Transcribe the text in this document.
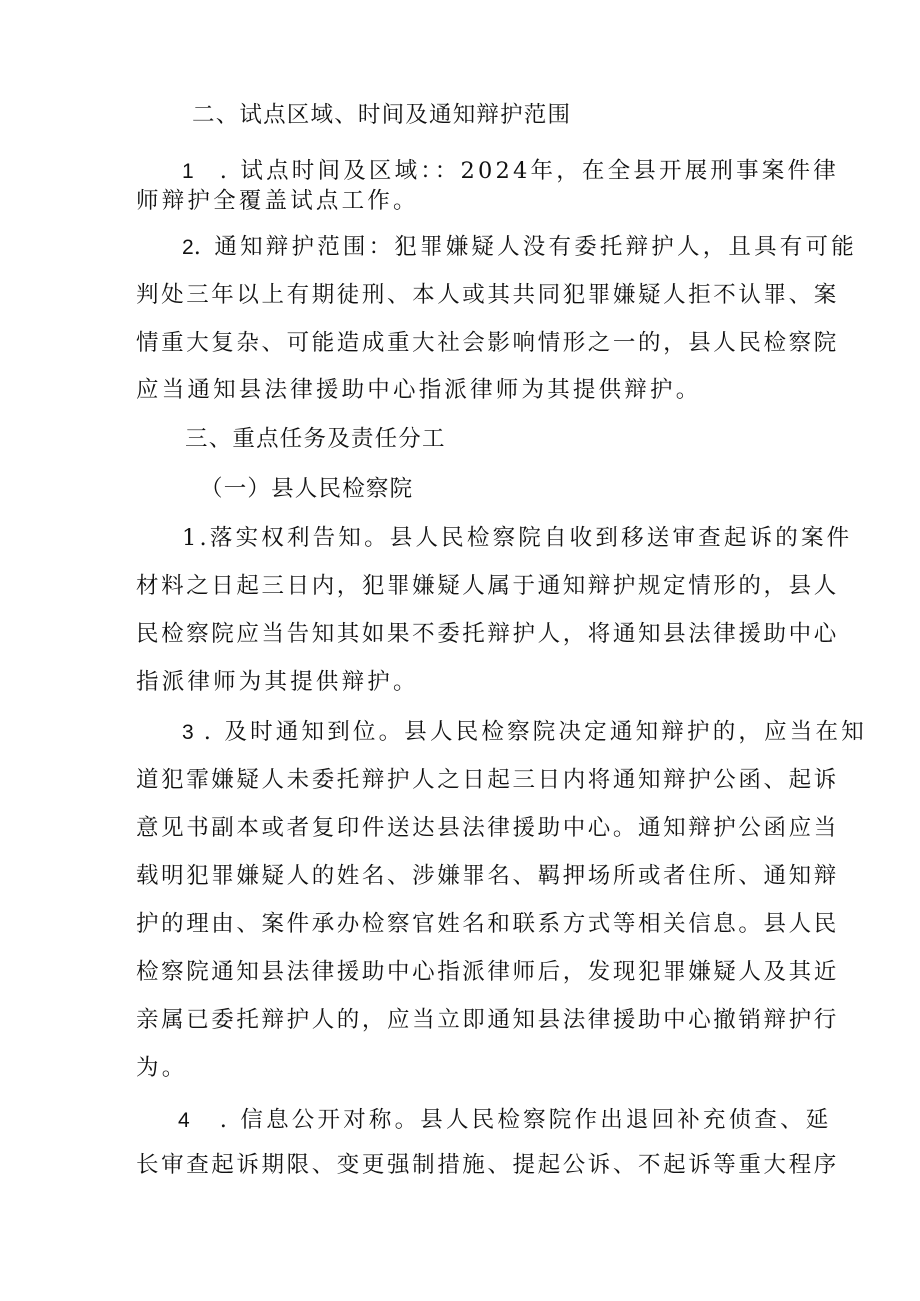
二、试点区域、时间及通知辩护范围
1 . 试点时间及区域：：2024年，在全县开展刑事案件律
师辩护全覆盖试点工作。
2. 通知辩护范围：犯罪嫌疑人没有委托辩护人，且具有可能
判处三年以上有期徒刑、本人或其共同犯罪嫌疑人拒不认罪、案
情重大复杂、可能造成重大社会影响情形之一的，县人民检察院
应当通知县法律援助中心指派律师为其提供辩护。
三、重点任务及责任分工
（一）县人民检察院
1.落实权利告知。县人民检察院自收到移送审查起诉的案件
材料之日起三日内，犯罪嫌疑人属于通知辩护规定情形的，县人
民检察院应当告知其如果不委托辩护人，将通知县法律援助中心
指派律师为其提供辩护。
3 . 及时通知到位。县人民检察院决定通知辩护的，应当在知
道犯霏嫌疑人未委托辩护人之日起三日内将通知辩护公函、起诉
意见书副本或者复印件送达县法律援助中心。通知辩护公函应当
载明犯罪嫌疑人的姓名、涉嫌罪名、羁押场所或者住所、通知辩
护的理由、案件承办检察官姓名和联系方式等相关信息。县人民
检察院通知县法律援助中心指派律师后，发现犯罪嫌疑人及其近
亲属已委托辩护人的，应当立即通知县法律援助中心撤销辩护行
为。
4 . 信息公开对称。县人民检察院作出退回补充侦查、延
长审查起诉期限、变更强制措施、提起公诉、不起诉等重大程序
